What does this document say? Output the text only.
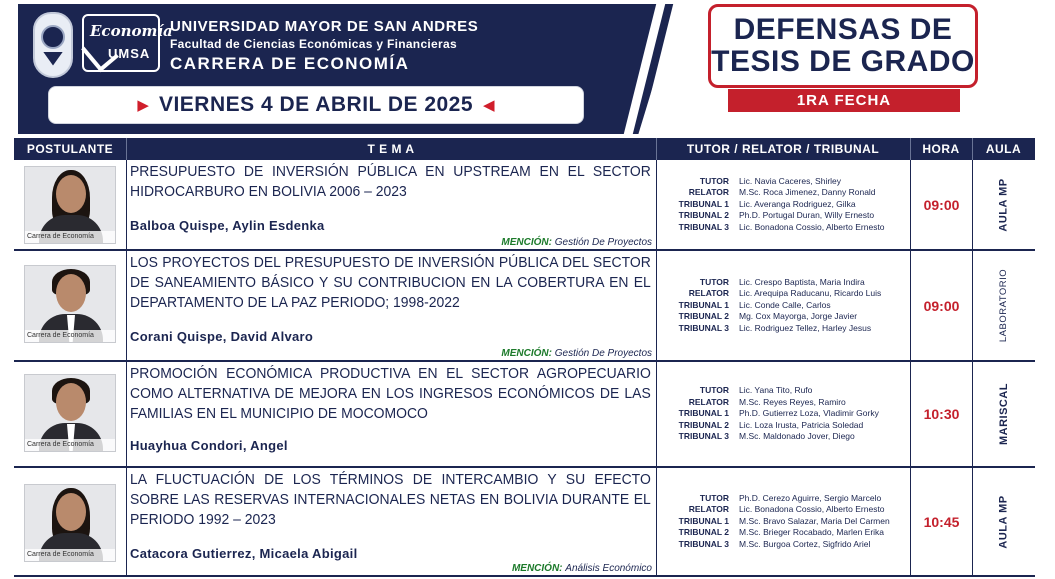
Economía
UMSA
UNIVERSIDAD MAYOR DE SAN ANDRES
Facultad de Ciencias Económicas y Financieras
CARRERA DE ECONOMÍA
▶ VIERNES 4 DE ABRIL DE 2025 ◀
DEFENSAS DE
TESIS DE GRADO
1RA FECHA
POSTULANTE	T E M A	TUTOR / RELATOR / TRIBUNAL	HORA	AULA
Carrera de Economía
PRESUPUESTO DE INVERSIÓN PÚBLICA EN UPSTREAM EN EL SECTOR HIDROCARBURO EN BOLIVIA 2006 – 2023
Balboa Quispe, Aylin Esdenka
MENCIÓN: Gestión De Proyectos
TUTOR	Lic. Navia Caceres, Shirley
RELATOR	M.Sc. Roca Jimenez, Danny Ronald
TRIBUNAL 1	Lic. Averanga Rodriguez, Gilka
TRIBUNAL 2	Ph.D. Portugal Duran, Willy Ernesto
TRIBUNAL 3	Lic. Bonadona Cossio, Alberto Ernesto
09:00	AULA MP
Carrera de Economía
LOS PROYECTOS DEL PRESUPUESTO DE INVERSIÓN PÚBLICA DEL SECTOR DE SANEAMIENTO BÁSICO Y SU CONTRIBUCION EN LA COBERTURA EN EL DEPARTAMENTO DE LA PAZ PERIODO; 1998-2022
Corani Quispe, David Alvaro
MENCIÓN: Gestión De Proyectos
TUTOR	Lic. Crespo Baptista, Maria Indira
RELATOR	Lic. Arequipa Raducanu, Ricardo Luis
TRIBUNAL 1	Lic. Conde Calle, Carlos
TRIBUNAL 2	Mg. Cox Mayorga, Jorge Javier
TRIBUNAL 3	Lic. Rodriguez Tellez, Harley Jesus
09:00	LABORATORIO
Carrera de Economía
PROMOCIÓN ECONÓMICA PRODUCTIVA EN EL SECTOR AGROPECUARIO COMO ALTERNATIVA DE MEJORA EN LOS INGRESOS ECONÓMICOS DE LAS FAMILIAS EN EL MUNICIPIO DE MOCOMOCO
Huayhua Condori, Angel
TUTOR	Lic. Yana Tito, Rufo
RELATOR	M.Sc. Reyes Reyes, Ramiro
TRIBUNAL 1	Ph.D. Gutierrez Loza, Vladimir Gorky
TRIBUNAL 2	Lic. Loza Irusta, Patricia Soledad
TRIBUNAL 3	M.Sc. Maldonado Jover, Diego
10:30	MARISCAL
Carrera de Economía
LA FLUCTUACIÓN DE LOS TÉRMINOS DE INTERCAMBIO Y SU EFECTO SOBRE LAS RESERVAS INTERNACIONALES NETAS EN BOLIVIA DURANTE EL PERIODO 1992 – 2023
Catacora Gutierrez, Micaela Abigail
MENCIÓN: Análisis Económico
TUTOR	Ph.D. Cerezo Aguirre, Sergio Marcelo
RELATOR	Lic. Bonadona Cossio, Alberto Ernesto
TRIBUNAL 1	M.Sc. Bravo Salazar, Maria Del Carmen
TRIBUNAL 2	M.Sc. Brieger Rocabado, Marlen Erika
TRIBUNAL 3	M.Sc. Burgoa Cortez, Sigfrido Ariel
10:45	AULA MP
